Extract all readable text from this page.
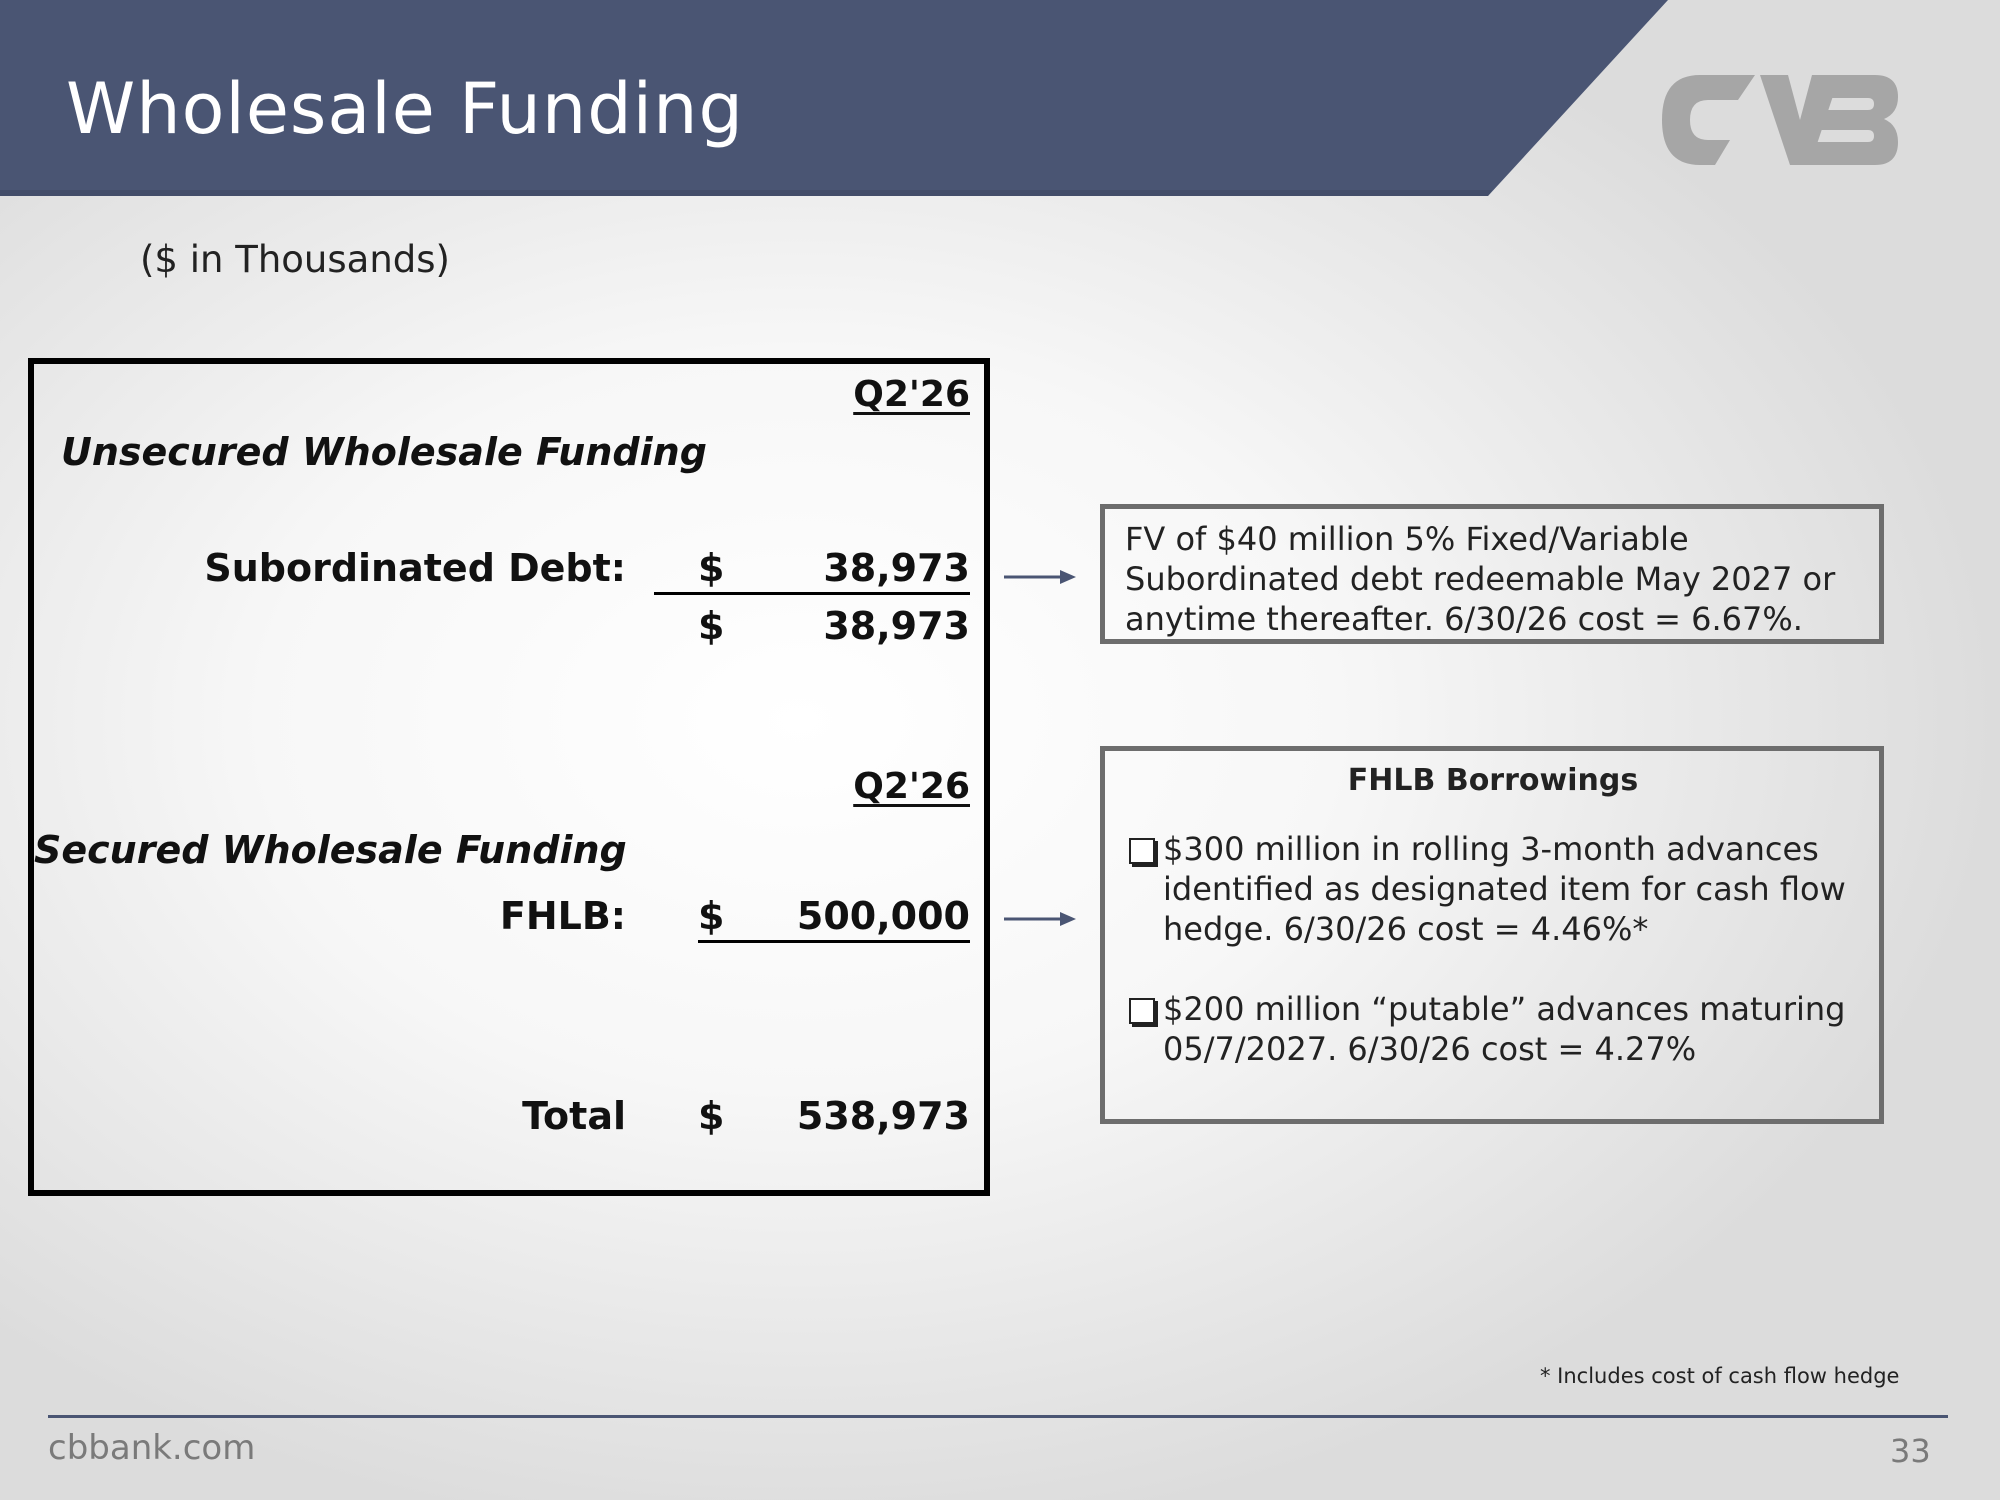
Wholesale Funding
($ in Thousands)
Q2'26
Unsecured Wholesale Funding
Subordinated Debt: $	38,973
$	38,973
Q2'26
Secured Wholesale Funding
FHLB: $	500,000
Total $	538,973
FV of $40 million 5% Fixed/Variable Subordinated debt redeemable May 2027 or anytime thereafter. 6/30/26 cost = 6.67%.
FHLB Borrowings
$300 million in rolling 3-month advances identified as designated item for cash flow hedge. 6/30/26 cost = 4.46%*
$200 million “putable” advances maturing 05/7/2027. 6/30/26 cost = 4.27%
* Includes cost of cash flow hedge
cbbank.com	33
